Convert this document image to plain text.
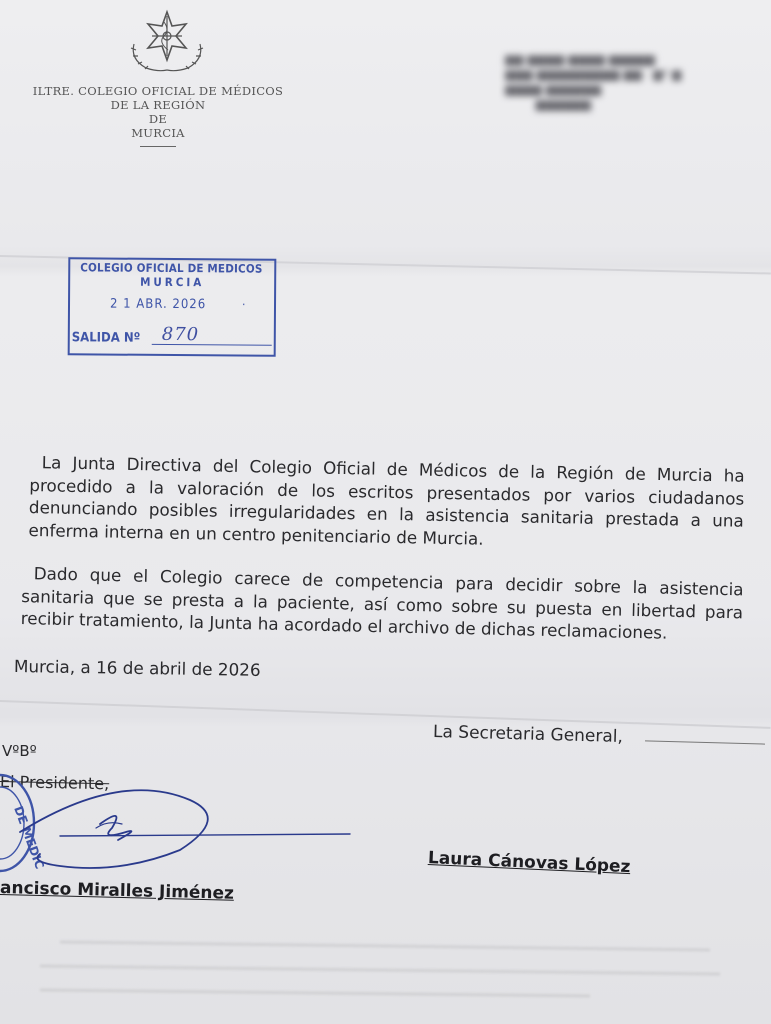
ILTRE. COLEGIO OFICIAL DE MÉDICOS
DE LA REGIÓN
DE
MURCIA
▆▆ ▆▆▆▆ ▆▆▆▆ ▆▆▆▆▆
▆▆▆ ▆▆▆▆▆▆▆▆▆ ▆▆ · ▆º ▆
▆▆▆▆ ▆▆▆▆▆▆
▆▆▆▆▆▆
COLEGIO OFICIAL DE MEDICOS
MURCIA
2 1 ABR. 2026	·
SALIDA Nº	870
La Junta Directiva del Colegio Oficial de Médicos de la Región de Murcia ha procedido a la valoración de los escritos presentados por varios ciudadanos denunciando posibles irregularidades en la asistencia sanitaria prestada a una enferma interna en un centro penitenciario de Murcia.
Dado que el Colegio carece de competencia para decidir sobre la asistencia sanitaria que se presta a la paciente, así como sobre su puesta en libertad para recibir tratamiento, la Junta ha acordado el archivo de dichas reclamaciones.
Murcia, a 16 de abril de 2026
La Secretaria General,
VºBº
El Presidente,
DE MEDIC
ancisco Miralles Jiménez
Laura Cánovas López
